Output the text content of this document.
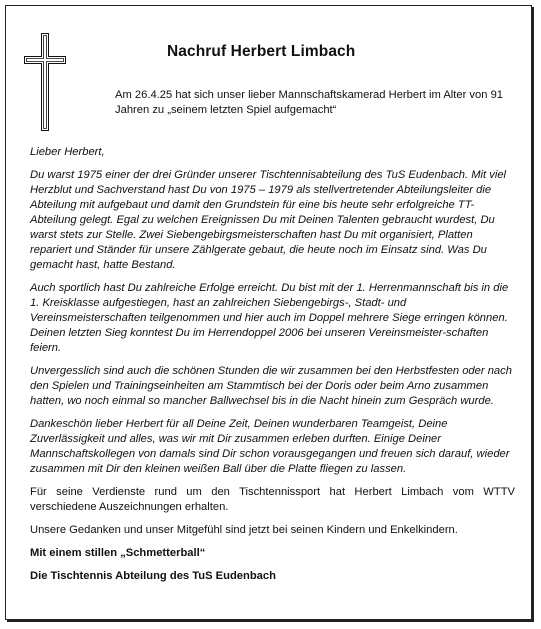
Nachruf Herbert Limbach
Am 26.4.25 hat sich unser lieber Mannschaftskamerad Herbert im Alter von 91 Jahren zu „seinem letzten Spiel aufgemacht“

Lieber Herbert,

Du warst 1975 einer der drei Gründer unserer Tischtennisabteilung des TuS Eudenbach. Mit viel Herzblut und Sachverstand hast Du von 1975 – 1979 als stellvertretender Abteilungsleiter die Abteilung mit aufgebaut und damit den Grundstein für eine bis heute sehr erfolgreiche TT-Abteilung gelegt. Egal zu welchen Ereignissen Du mit Deinen Talenten gebraucht wurdest, Du warst stets zur Stelle. Zwei Siebengebirgsmeisterschaften hast Du mit organisiert, Platten repariert und Ständer für unsere Zählgerate gebaut, die heute noch im Einsatz sind. Was Du gemacht hast, hatte Bestand.

Auch sportlich hast Du zahlreiche Erfolge erreicht. Du bist mit der 1. Herrenmannschaft bis in die 1. Kreisklasse aufgestiegen, hast an zahlreichen Siebengebirgs-, Stadt- und Vereinsmeisterschaften teilgenommen und hier auch im Doppel mehrere Siege erringen können. Deinen letzten Sieg konntest Du im Herrendoppel 2006 bei unseren Vereinsmeister-schaften feiern.

Unvergesslich sind auch die schönen Stunden die wir zusammen bei den Herbstfesten oder nach den Spielen und Trainingseinheiten am Stammtisch bei der Doris oder beim Arno zusammen hatten, wo noch einmal so mancher Ballwechsel bis in die Nacht hinein zum Gespräch wurde.

Dankeschön lieber Herbert für all Deine Zeit, Deinen wunderbaren Teamgeist, Deine Zuverlässigkeit und alles, was wir mit Dir zusammen erleben durften. Einige Deiner Mannschaftskollegen von damals sind Dir schon vorausgegangen und freuen sich darauf, wieder zusammen mit Dir den kleinen weißen Ball über die Platte fliegen zu lassen.

Für seine Verdienste rund um den Tischtennissport hat Herbert Limbach vom WTTV verschiedene Auszeichnungen erhalten.

Unsere Gedanken und unser Mitgefühl sind jetzt bei seinen Kindern und Enkelkindern.

Mit einem stillen „Schmetterball“

Die Tischtennis Abteilung des TuS Eudenbach
